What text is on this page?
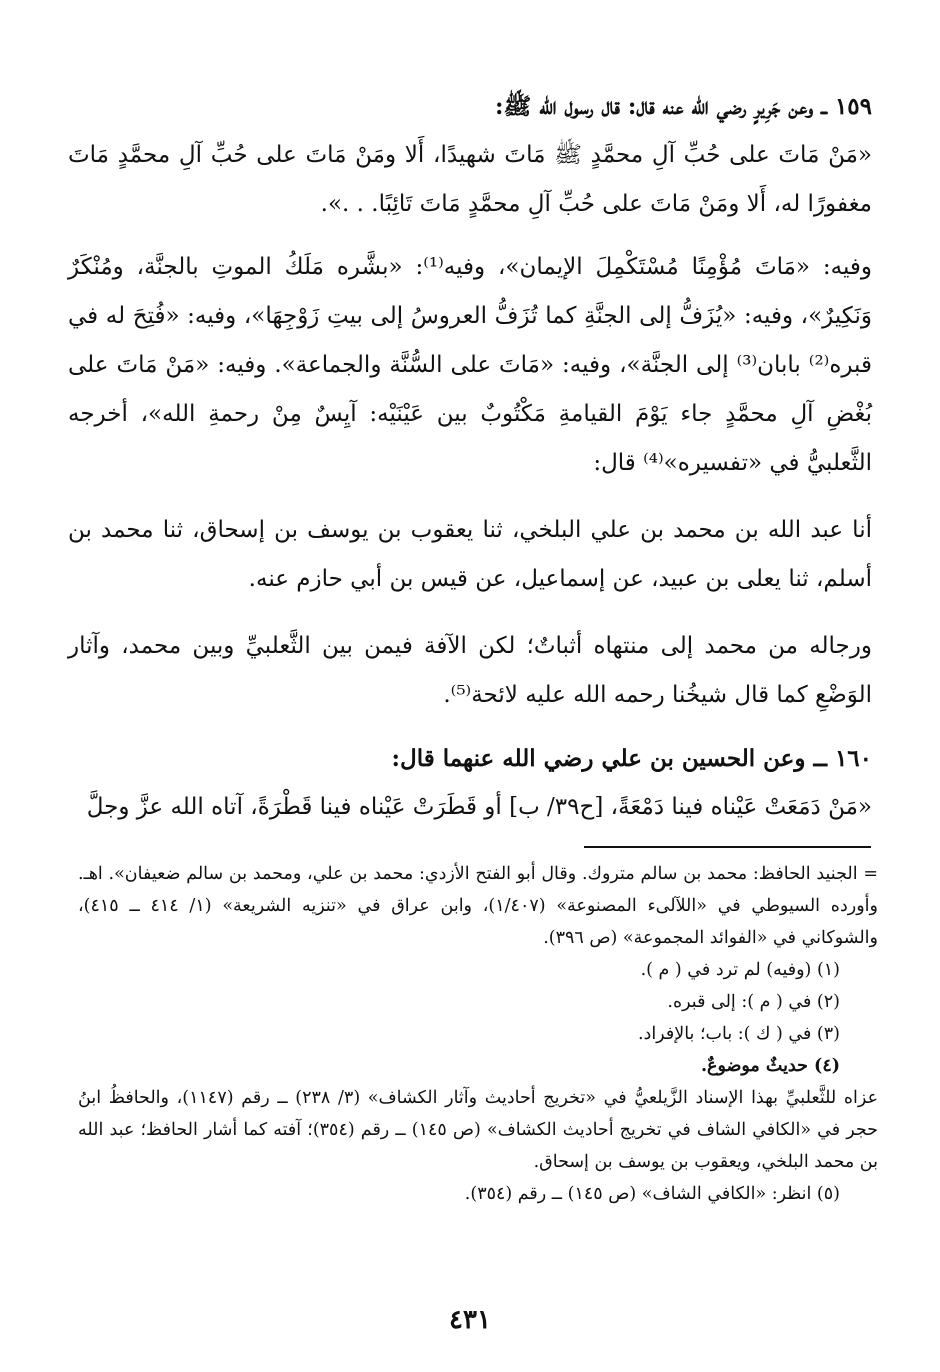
١٥٩ ــ وعن جَرِيرٍ رضي الله عنه قال: قال رسول الله ﷺ:

«مَنْ مَاتَ على حُبِّ آلِ محمَّدٍ ﷺ مَاتَ شهيدًا، أَلا ومَنْ مَاتَ على حُبِّ آلِ محمَّدٍ مَاتَ مغفورًا له، أَلا ومَنْ مَاتَ على حُبِّ آلِ محمَّدٍ مَاتَ تَائِبًا. . .».

وفيه: «مَاتَ مُؤْمِنًا مُسْتَكْمِلَ الإيمان»، وفيه⁽¹⁾: «بشَّره مَلَكُ الموتِ بالجنَّة، ومُنْكَرٌ وَنَكِيرٌ»، وفيه: «يُزَفُّ إلى الجنَّةِ كما تُزَفُّ العروسُ إلى بيتِ زَوْجِهَا»، وفيه: «فُتِحَ له في قبره⁽²⁾ بابان⁽³⁾ إلى الجنَّة»، وفيه: «مَاتَ على السُّنَّة والجماعة». وفيه: «مَنْ مَاتَ على بُغْضِ آلِ محمَّدٍ جاء يَوْمَ القيامةِ مَكْتُوبٌ بين عَيْنَيْه: آيِسٌ مِنْ رحمةِ الله»، أخرجه الثَّعلبيُّ في «تفسيره»⁽⁴⁾ قال:

أنا عبد الله بن محمد بن علي البلخي، ثنا يعقوب بن يوسف بن إسحاق، ثنا محمد بن أسلم، ثنا يعلى بن عبيد، عن إسماعيل، عن قيس بن أبي حازم عنه.

ورجاله من محمد إلى منتهاه أثباتٌ؛ لكن الآفة فيمن بين الثَّعلبيِّ وبين محمد، وآثار الوَضْعِ كما قال شيخُنا رحمه الله عليه لائحة⁽⁵⁾.

١٦٠ ــ وعن الحسين بن علي رضي الله عنهما قال:

«مَنْ دَمَعَتْ عَيْناه فينا دَمْعَةً، [ح٣٩/ ب] أو قَطَرَتْ عَيْناه فينا قَطْرَةً، آتاه الله عزَّ وجلَّ

= الجنيد الحافظ: محمد بن سالم متروك. وقال أبو الفتح الأزدي: محمد بن علي، ومحمد بن سالم ضعيفان». اهـ. وأورده السيوطي في «اللآلىء المصنوعة» (١/٤٠٧)، وابن عراق في «تنزيه الشريعة» (١/ ٤١٤ ــ ٤١٥)، والشوكاني في «الفوائد المجموعة» (ص ٣٩٦).

(١) (وفيه) لم ترد في ( م ).

(٢) في ( م ): إلى قبره.

(٣) في ( ك ): باب؛ بالإفراد.

(٤) حديثٌ موضوعٌ.

عزاه للثَّعلبيِّ بهذا الإسناد الزَّيلعيُّ في «تخريج أحاديث وآثار الكشاف» (٣/ ٢٣٨) ــ رقم (١١٤٧)، والحافظُ ابنُ حجر في «الكافي الشاف في تخريج أحاديث الكشاف» (ص ١٤٥) ــ رقم (٣٥٤)؛ آفته كما أشار الحافظ؛ عبد الله بن محمد البلخي، ويعقوب بن يوسف بن إسحاق.

(٥) انظر: «الكافي الشاف» (ص ١٤٥) ــ رقم (٣٥٤).

٤٣١
